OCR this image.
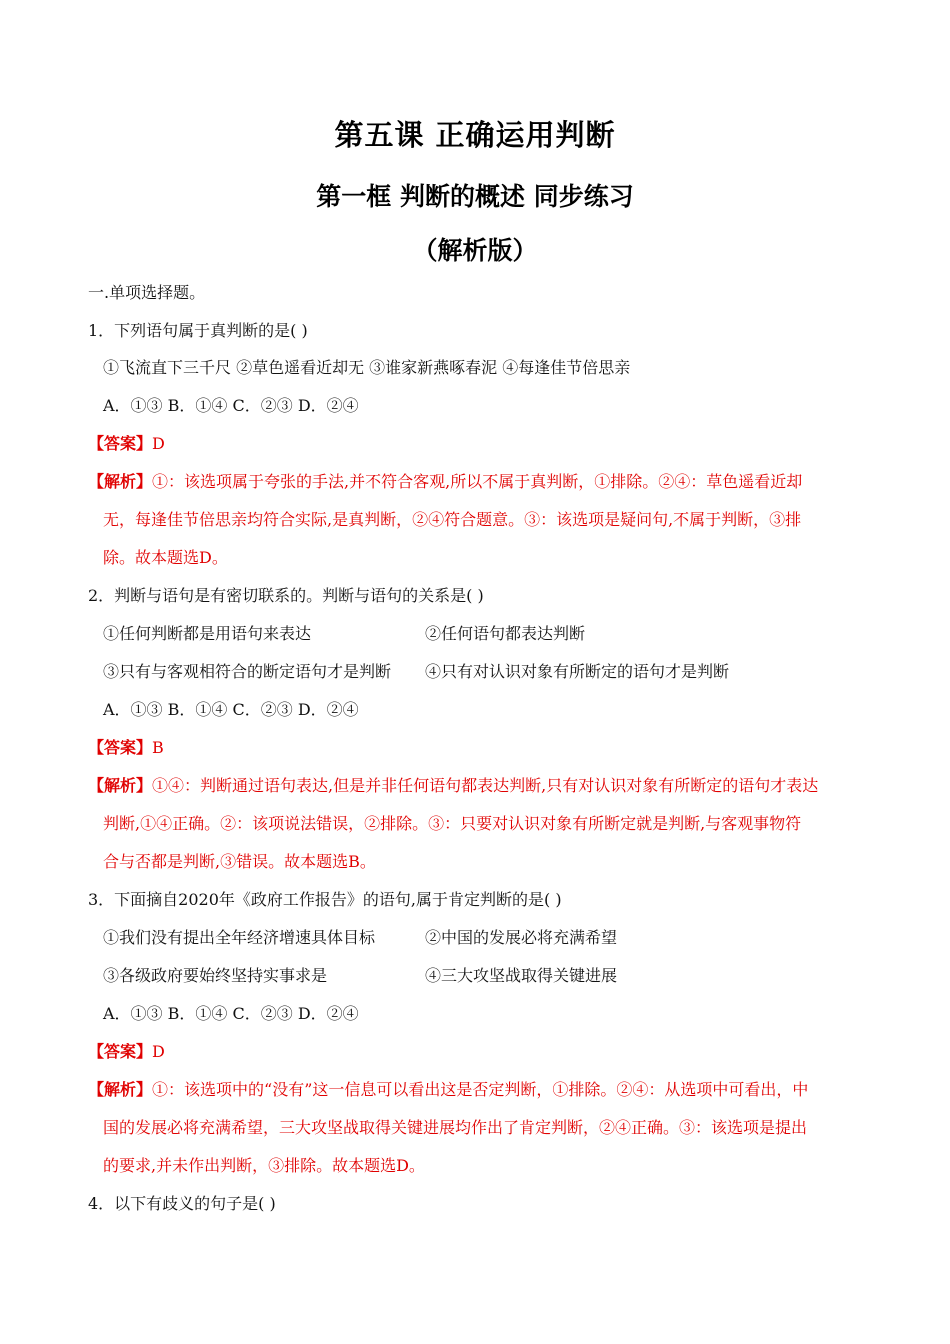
第五课 正确运用判断
第一框 判断的概述 同步练习
（解析版）
一.单项选择题。
1．下列语句属于真判断的是( )
①飞流直下三千尺 ②草色遥看近却无 ③谁家新燕啄春泥 ④每逢佳节倍思亲
A．①③ B．①④ C．②③ D．②④
【答案】D
【解析】①：该选项属于夸张的手法,并不符合客观,所以不属于真判断，①排除。②④：草色遥看近却
无，每逢佳节倍思亲均符合实际,是真判断，②④符合题意。③：该选项是疑问句,不属于判断，③排
除。故本题选D。
2．判断与语句是有密切联系的。判断与语句的关系是( )
①任何判断都是用语句来表达	②任何语句都表达判断
③只有与客观相符合的断定语句才是判断 ④只有对认识对象有所断定的语句才是判断
A．①③ B．①④ C．②③ D．②④
【答案】B
【解析】①④：判断通过语句表达,但是并非任何语句都表达判断,只有对认识对象有所断定的语句才表达
判断,①④正确。②：该项说法错误，②排除。③：只要对认识对象有所断定就是判断,与客观事物符
合与否都是判断,③错误。故本题选B。
3．下面摘自2020年《政府工作报告》的语句,属于肯定判断的是( )
①我们没有提出全年经济增速具体目标	②中国的发展必将充满希望
③各级政府要始终坚持实事求是	④三大攻坚战取得关键进展
A．①③ B．①④ C．②③ D．②④
【答案】D
【解析】①：该选项中的“没有”这一信息可以看出这是否定判断，①排除。②④：从选项中可看出，中
国的发展必将充满希望，三大攻坚战取得关键进展均作出了肯定判断，②④正确。③：该选项是提出
的要求,并未作出判断，③排除。故本题选D。
4．以下有歧义的句子是( )
